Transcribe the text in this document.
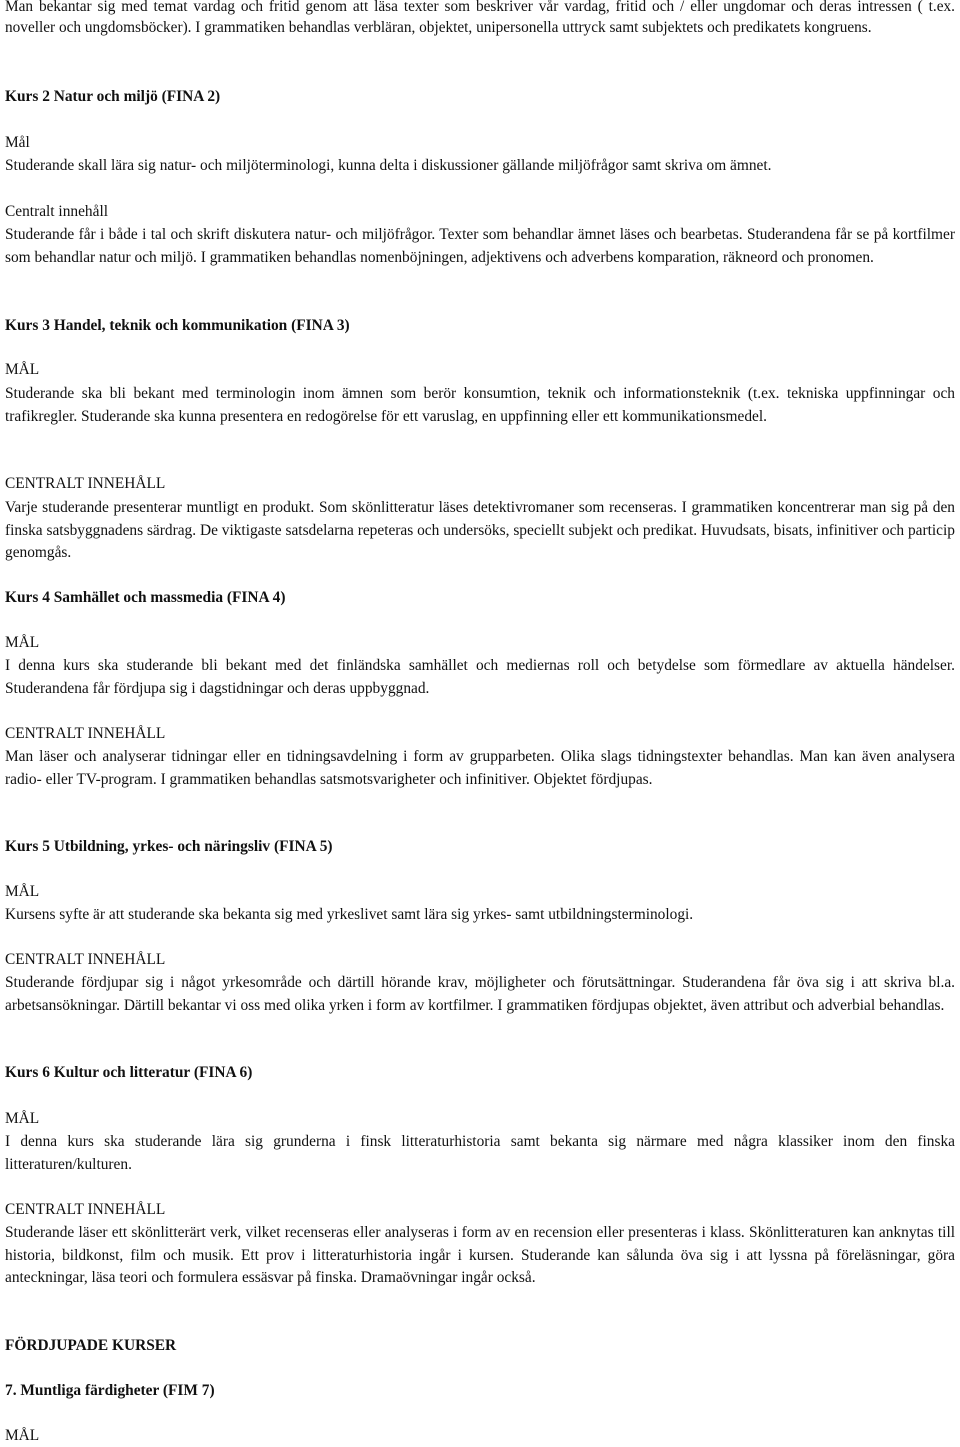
Man bekantar sig med temat vardag och fritid genom att läsa texter som beskriver vår vardag, fritid och / eller ungdomar och deras intressen ( t.ex. noveller och ungdomsböcker). I grammatiken behandlas verbläran, objektet, unipersonella uttryck samt subjektets och predikatets kongruens.
Kurs 2 Natur och miljö (FINA 2)
Mål
Studerande skall lära sig natur- och miljöterminologi, kunna delta i diskussioner gällande miljöfrågor samt skriva om ämnet.
Centralt innehåll
Studerande får i både i tal och skrift diskutera natur- och miljöfrågor. Texter som behandlar ämnet läses och bearbetas. Studerandena får se på kortfilmer som behandlar natur och miljö. I grammatiken behandlas nomenböjningen, adjektivens och adverbens komparation, räkneord och pronomen.
Kurs 3 Handel, teknik och kommunikation (FINA 3)
MÅL
Studerande ska bli bekant med terminologin inom ämnen som berör konsumtion, teknik och informationsteknik (t.ex. tekniska uppfinningar och trafikregler. Studerande ska kunna presentera en redogörelse för ett varuslag, en uppfinning eller ett kommunikationsmedel.
CENTRALT INNEHÅLL
Varje studerande presenterar muntligt en produkt. Som skönlitteratur läses detektivromaner som recenseras. I grammatiken koncentrerar man sig på den finska satsbyggnadens särdrag. De viktigaste satsdelarna repeteras och undersöks, speciellt subjekt och predikat. Huvudsats, bisats, infinitiver och particip genomgås.
Kurs 4 Samhället och massmedia (FINA 4)
MÅL
I denna kurs ska studerande bli bekant med det finländska samhället och mediernas roll och betydelse som förmedlare av aktuella händelser. Studerandena får fördjupa sig i dagstidningar och deras uppbyggnad.
CENTRALT INNEHÅLL
Man läser och analyserar tidningar eller en tidningsavdelning i form av grupparbeten. Olika slags tidningstexter behandlas. Man kan även analysera radio- eller TV-program. I grammatiken behandlas satsmotsvarigheter och infinitiver. Objektet fördjupas.
Kurs 5 Utbildning, yrkes- och näringsliv (FINA 5)
MÅL
Kursens syfte är att studerande ska bekanta sig med yrkeslivet samt lära sig yrkes- samt utbildningsterminologi.
CENTRALT INNEHÅLL
Studerande fördjupar sig i något yrkesområde och därtill hörande krav, möjligheter och förutsättningar. Studerandena får öva sig i att skriva bl.a. arbetsansökningar. Därtill bekantar vi oss med olika yrken i form av kortfilmer. I grammatiken fördjupas objektet, även attribut och adverbial behandlas.
Kurs 6 Kultur och litteratur (FINA 6)
MÅL
I denna kurs ska studerande lära sig grunderna i finsk litteraturhistoria samt bekanta sig närmare med några klassiker inom den finska litteraturen/kulturen.
CENTRALT INNEHÅLL
Studerande läser ett skönlitterärt verk, vilket recenseras eller analyseras i form av en recension eller presenteras i klass. Skönlitteraturen kan anknytas till historia, bildkonst, film och musik. Ett prov i litteraturhistoria ingår i kursen. Studerande kan sålunda öva sig i att lyssna på föreläsningar, göra anteckningar, läsa teori och formulera essäsvar på finska. Dramaövningar ingår också.
FÖRDJUPADE KURSER
7. Muntliga färdigheter (FIM 7)
MÅL
